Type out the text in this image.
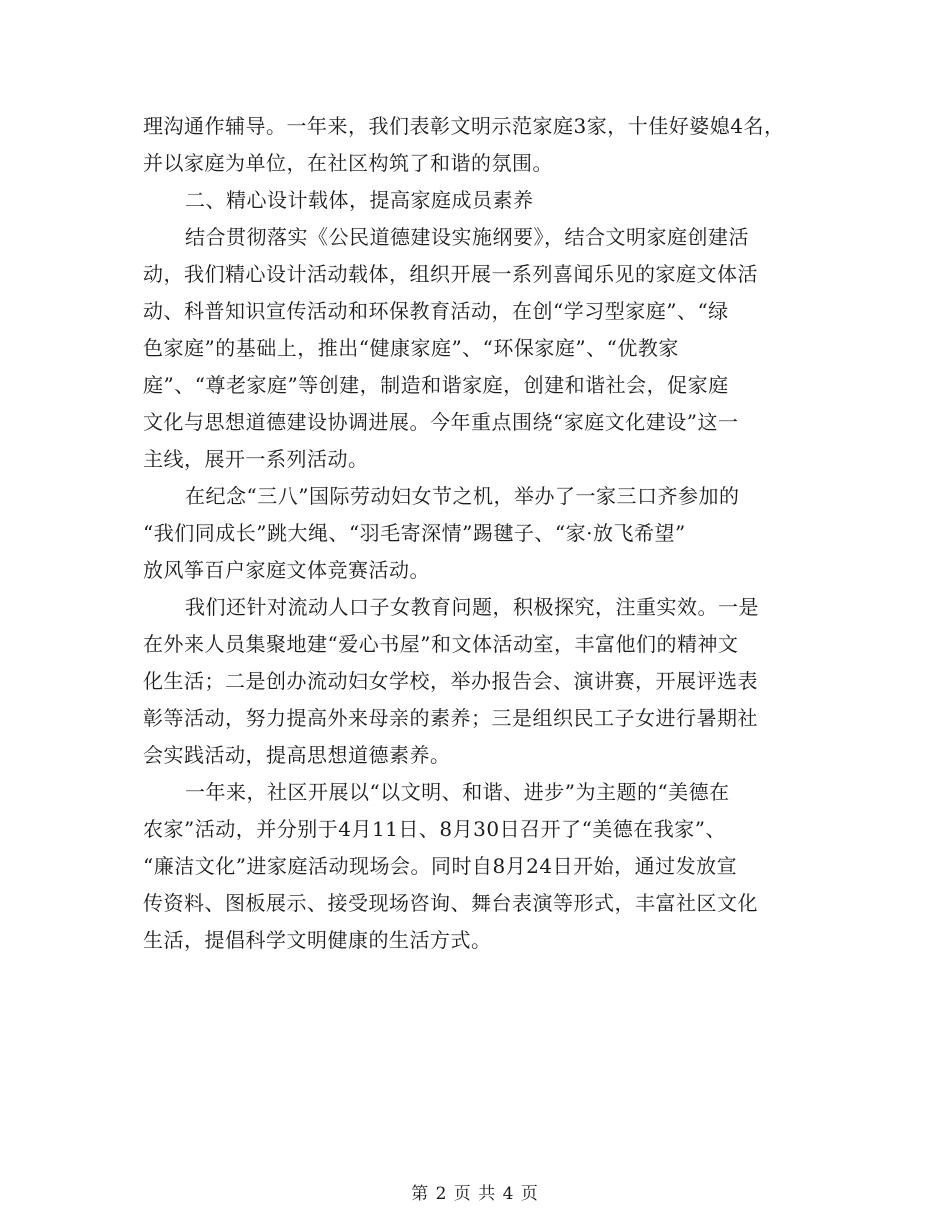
理沟通作辅导。一年来，我们表彰文明示范家庭3家，十佳好婆媳4名，
并以家庭为单位，在社区构筑了和谐的氛围。
二、精心设计载体，提高家庭成员素养
结合贯彻落实《公民道德建设实施纲要》，结合文明家庭创建活
动，我们精心设计活动载体，组织开展一系列喜闻乐见的家庭文体活
动、科普知识宣传活动和环保教育活动，在创“学习型家庭”、“绿
色家庭”的基础上，推出“健康家庭”、“环保家庭”、“优教家
庭”、“尊老家庭”等创建，制造和谐家庭，创建和谐社会，促家庭
文化与思想道德建设协调进展。今年重点围绕“家庭文化建设”这一
主线，展开一系列活动。
在纪念“三八”国际劳动妇女节之机，举办了一家三口齐参加的
“我们同成长”跳大绳、“羽毛寄深情”踢毽子、“家·放飞希望”
放风筝百户家庭文体竞赛活动。
我们还针对流动人口子女教育问题，积极探究，注重实效。一是
在外来人员集聚地建“爱心书屋”和文体活动室，丰富他们的精神文
化生活；二是创办流动妇女学校，举办报告会、演讲赛，开展评选表
彰等活动，努力提高外来母亲的素养；三是组织民工子女进行暑期社
会实践活动，提高思想道德素养。
一年来，社区开展以“以文明、和谐、进步”为主题的“美德在
农家”活动，并分别于4月11日、8月30日召开了“美德在我家”、
“廉洁文化”进家庭活动现场会。同时自8月24日开始，通过发放宣
传资料、图板展示、接受现场咨询、舞台表演等形式，丰富社区文化
生活，提倡科学文明健康的生活方式。
第 2 页 共 4 页
